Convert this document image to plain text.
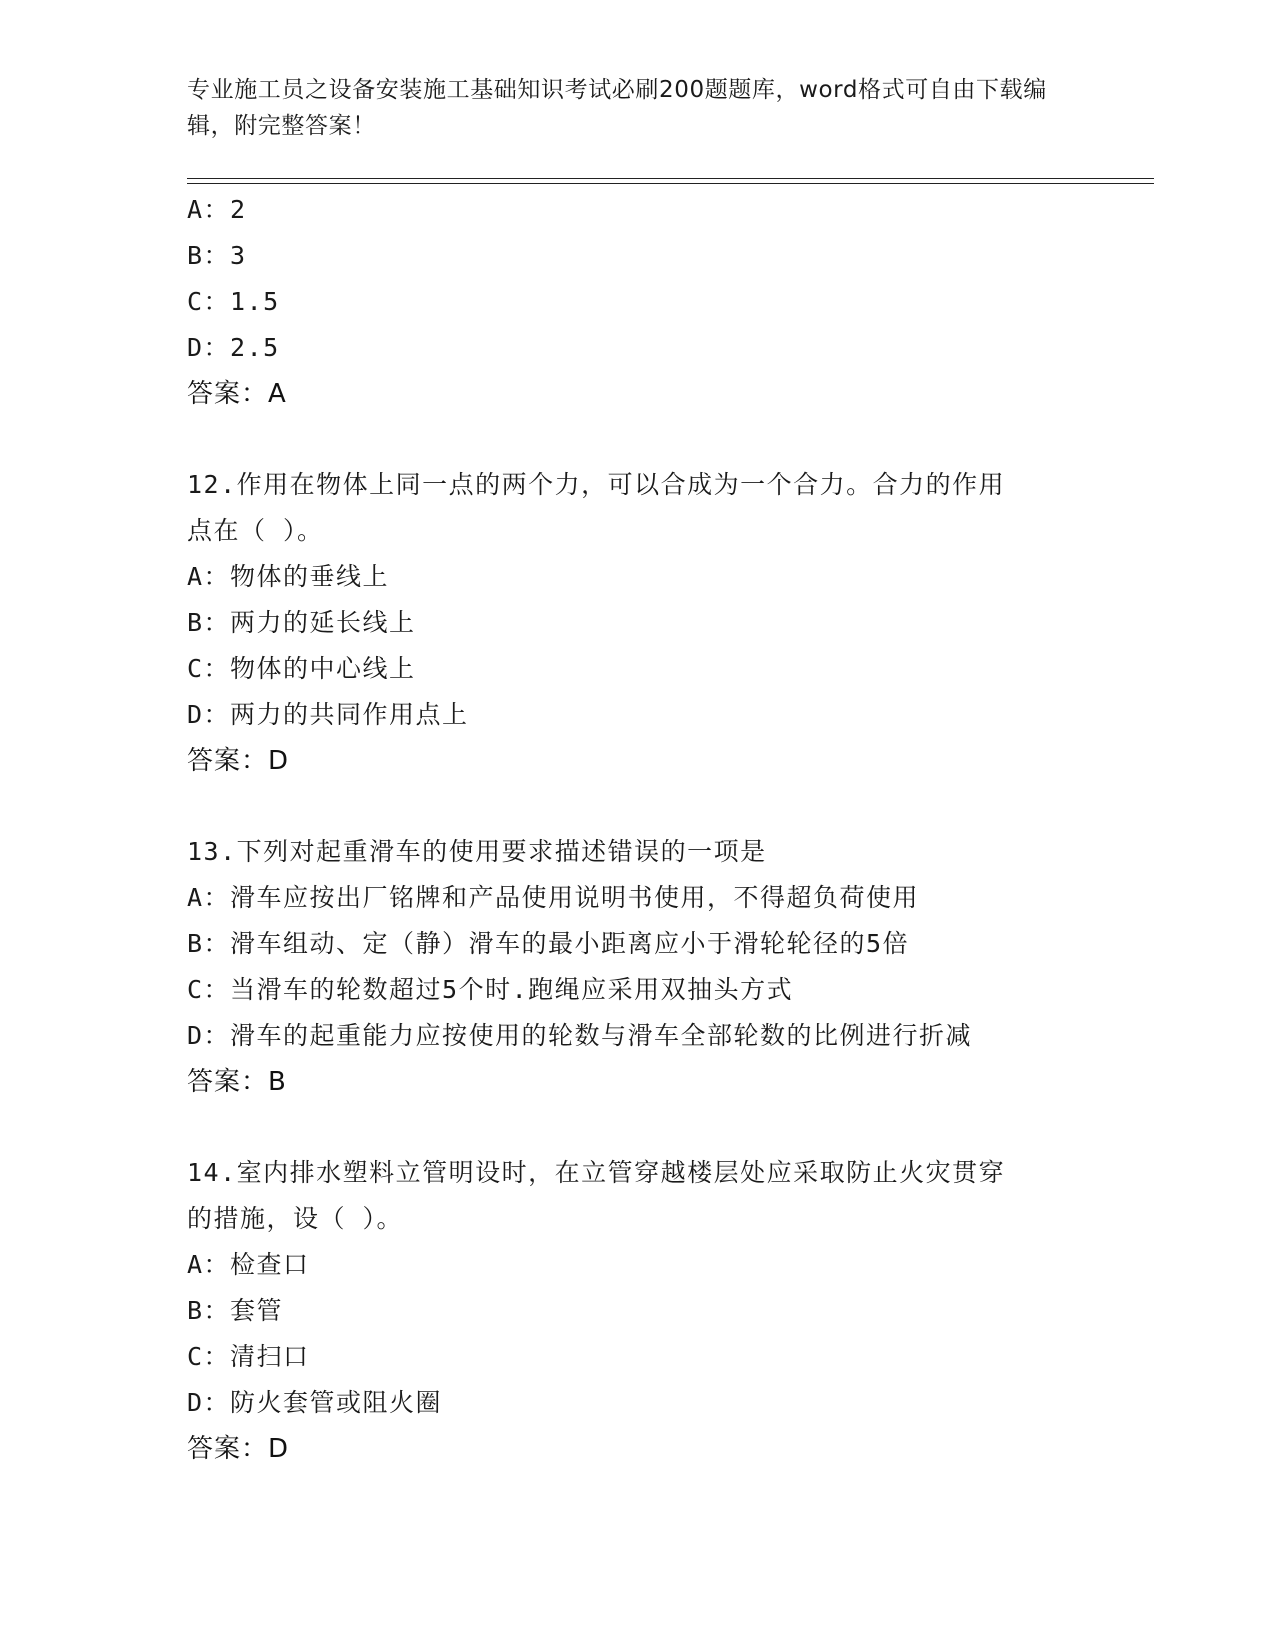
专业施工员之设备安装施工基础知识考试必刷200题题库，word格式可自由下载编辑，附完整答案！
A：2
B：3
C：1.5
D：2.5
答案：A
12.作用在物体上同一点的两个力，可以合成为一个合力。合力的作用
点在（ ）。
A：物体的垂线上
B：两力的延长线上
C：物体的中心线上
D：两力的共同作用点上
答案：D
13.下列对起重滑车的使用要求描述错误的一项是
A：滑车应按出厂铭牌和产品使用说明书使用，不得超负荷使用
B：滑车组动、定（静）滑车的最小距离应小于滑轮轮径的5倍
C：当滑车的轮数超过5个时.跑绳应采用双抽头方式
D：滑车的起重能力应按使用的轮数与滑车全部轮数的比例进行折减
答案：B
14.室内排水塑料立管明设时，在立管穿越楼层处应采取防止火灾贯穿
的措施，设（ ）。
A：检查口
B：套管
C：清扫口
D：防火套管或阻火圈
答案：D
